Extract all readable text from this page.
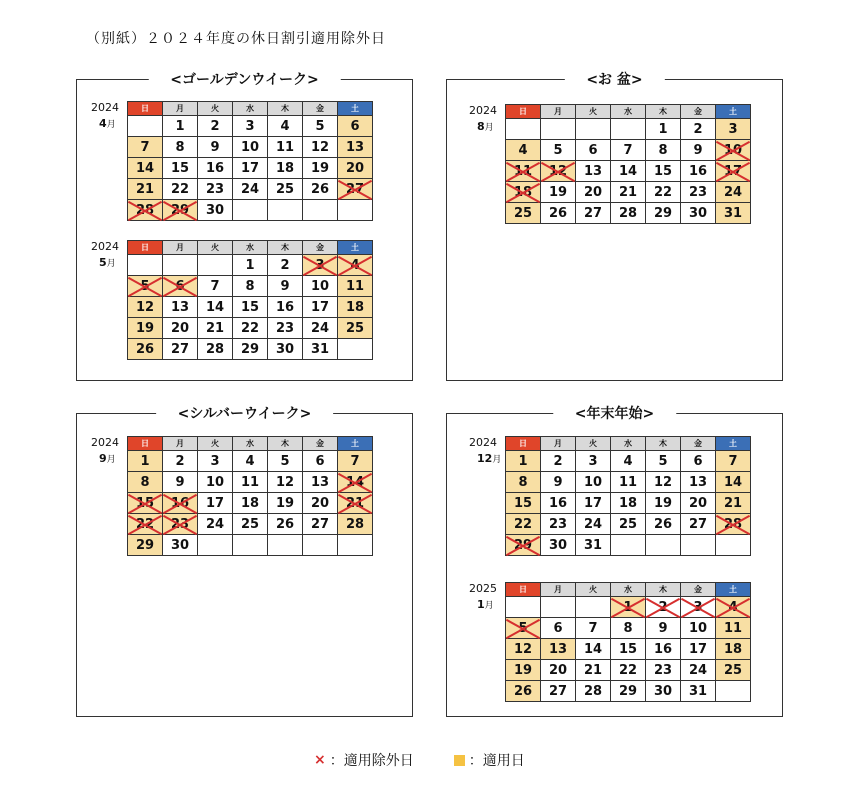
（別紙）２０２４年度の休日割引適用除外日
<ゴールデンウイーク>
2024
4月
日	月	火	水	木	金	土
	1	2	3	4	5	6
7	8	9	10	11	12	13
14	15	16	17	18	19	20
21	22	23	24	25	26	27
28	29	30				
2024
5月
日	月	火	水	木	金	土
			1	2	3	4
5	6	7	8	9	10	11
12	13	14	15	16	17	18
19	20	21	22	23	24	25
26	27	28	29	30	31	
<お 盆>
2024
8月
日	月	火	水	木	金	土
				1	2	3
4	5	6	7	8	9	10
11	12	13	14	15	16	17
18	19	20	21	22	23	24
25	26	27	28	29	30	31
<シルバーウイーク>
2024
9月
日	月	火	水	木	金	土
1	2	3	4	5	6	7
8	9	10	11	12	13	14
15	16	17	18	19	20	21
22	23	24	25	26	27	28
29	30					
<年末年始>
2024
12月
日	月	火	水	木	金	土
1	2	3	4	5	6	7
8	9	10	11	12	13	14
15	16	17	18	19	20	21
22	23	24	25	26	27	28
29	30	31				
2025
1月
日	月	火	水	木	金	土
			1	2	3	4
5	6	7	8	9	10	11
12	13	14	15	16	17	18
19	20	21	22	23	24	25
26	27	28	29	30	31	
× ：適用除外日	：適用日
